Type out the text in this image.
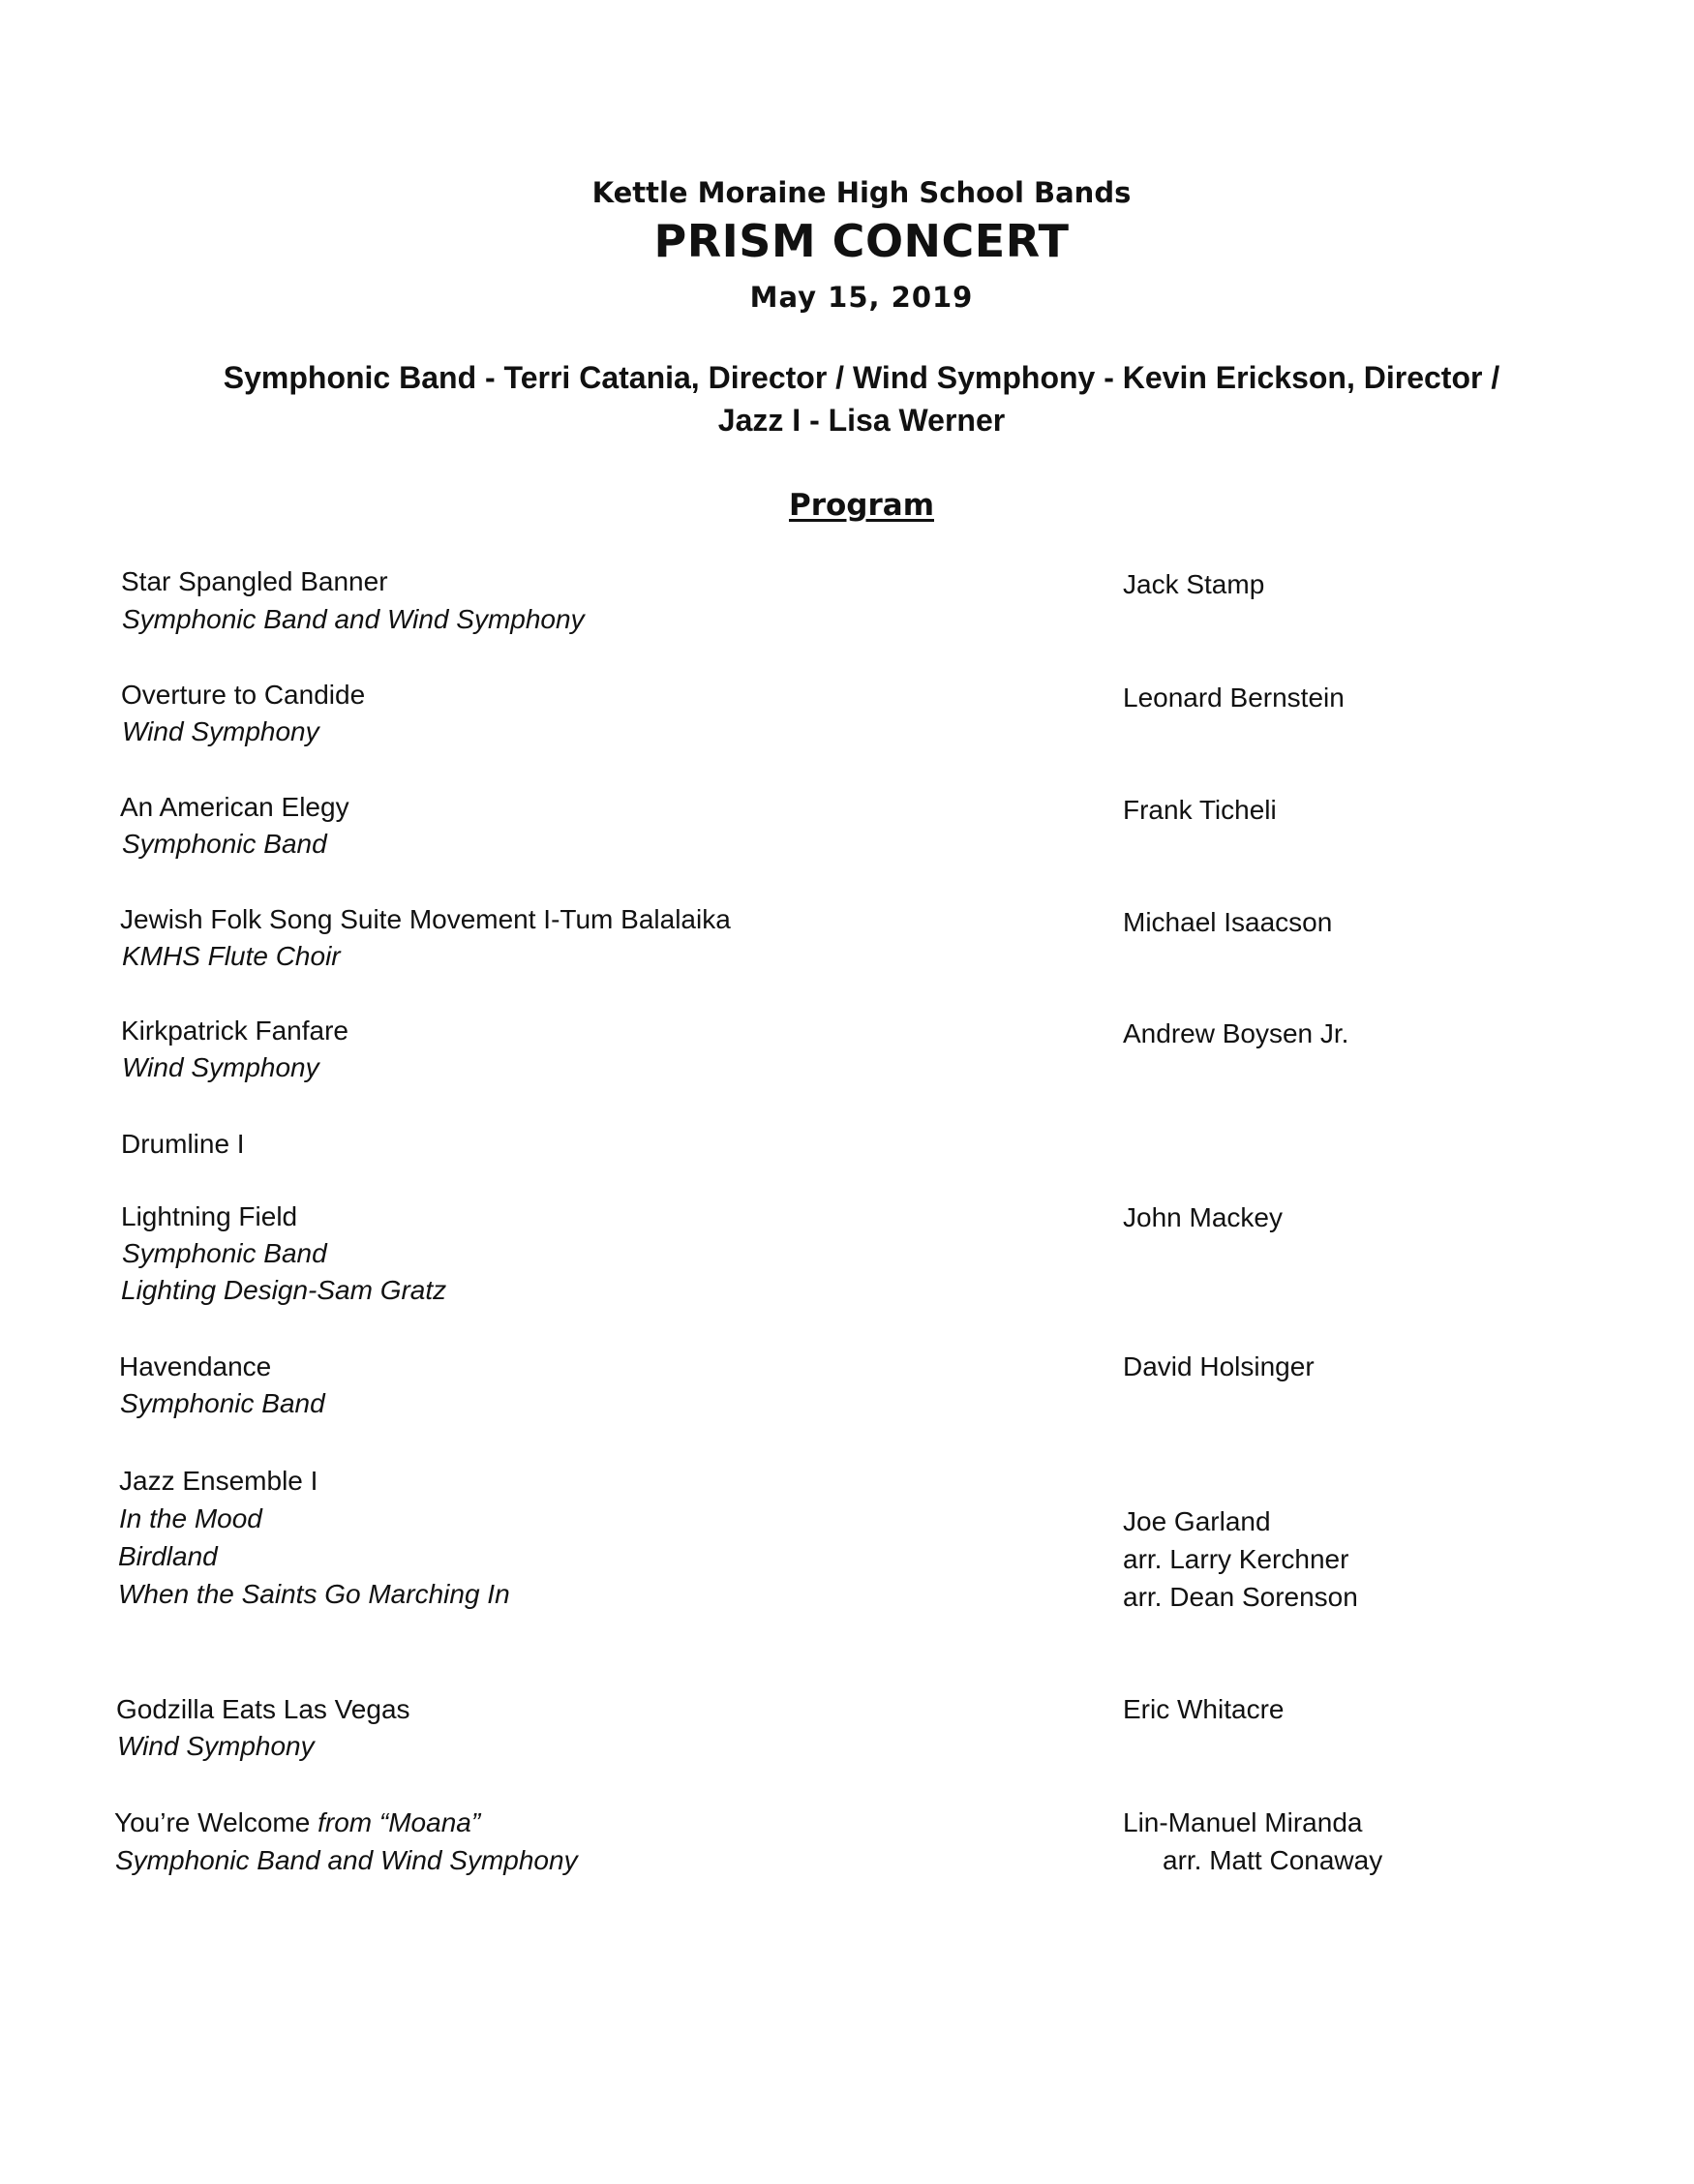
Kettle Moraine High School Bands
PRISM CONCERT
May 15, 2019
Symphonic Band - Terri Catania, Director / Wind Symphony - Kevin Erickson, Director /
Jazz I - Lisa Werner
Program
Star Spangled Banner
Symphonic Band and Wind Symphony
Jack Stamp
Overture to Candide
Wind Symphony
Leonard Bernstein
An American Elegy
Symphonic Band
Frank Ticheli
Jewish Folk Song Suite Movement I-Tum Balalaika
KMHS Flute Choir
Michael Isaacson
Kirkpatrick Fanfare
Wind Symphony
Andrew Boysen Jr.
Drumline I
Lightning Field
Symphonic Band
Lighting Design-Sam Gratz
John Mackey
Havendance
Symphonic Band
David Holsinger
Jazz Ensemble I
In the Mood
Birdland
When the Saints Go Marching In
Joe Garland
arr. Larry Kerchner
arr. Dean Sorenson
Godzilla Eats Las Vegas
Wind Symphony
Eric Whitacre
You’re Welcome from “Moana”
Symphonic Band and Wind Symphony
Lin-Manuel Miranda
arr. Matt Conaway
